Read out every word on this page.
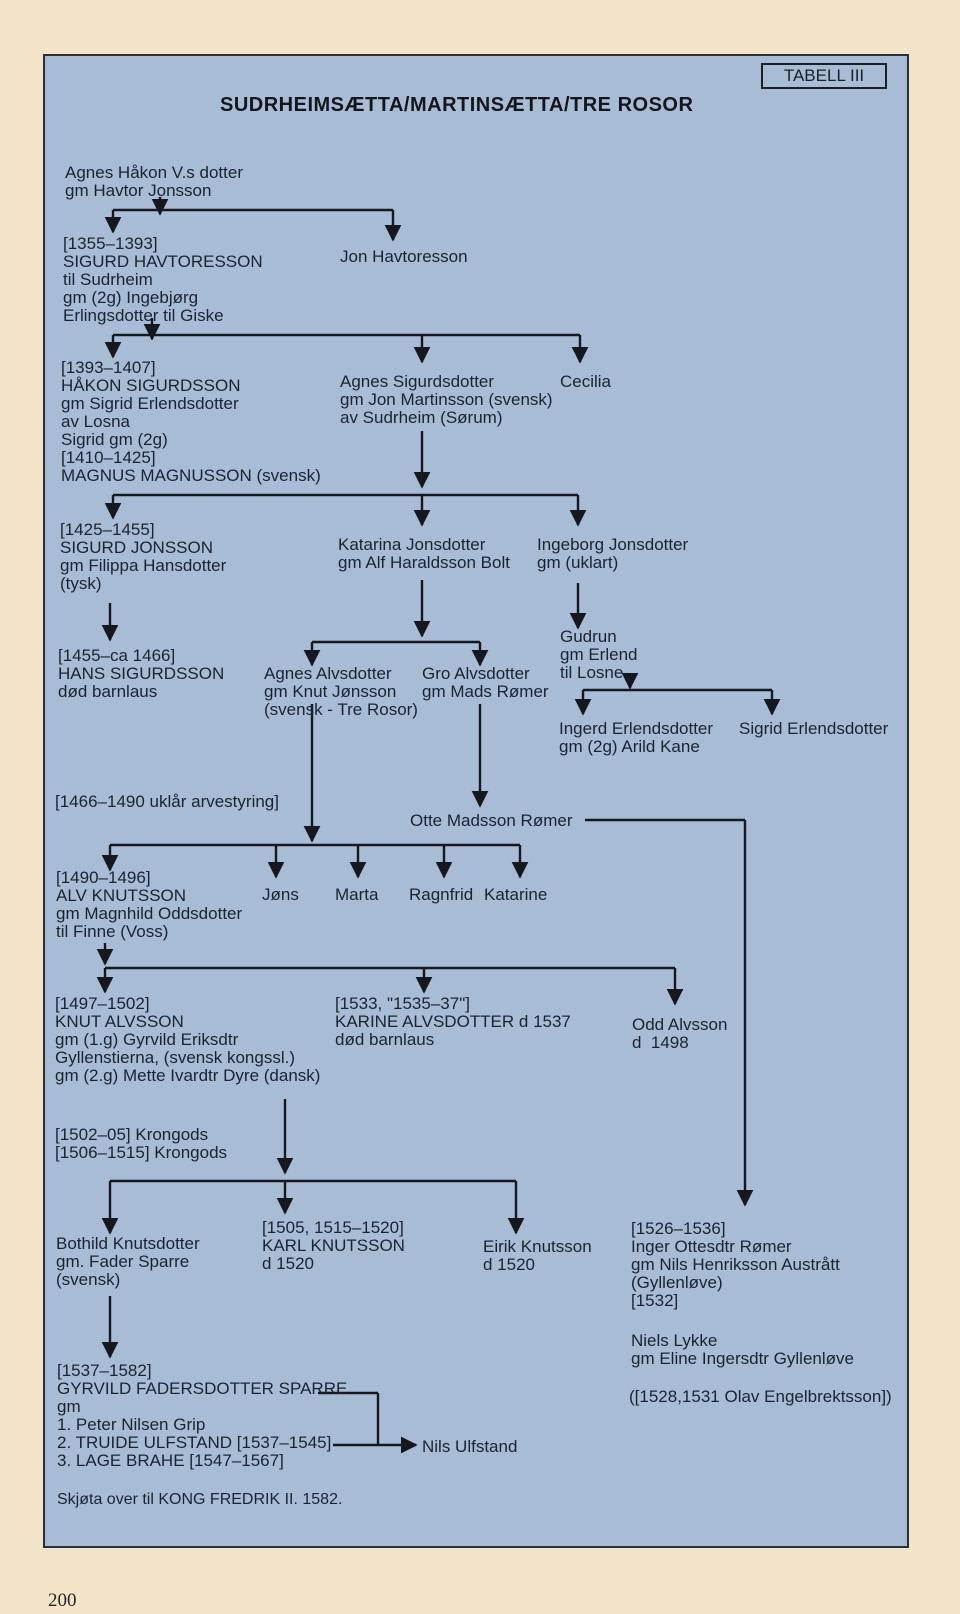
TABELL III
SUDRHEIMSÆTTA/MARTINSÆTTA/TRE ROSOR
Agnes Håkon V.s dotter
gm Havtor Jonsson
[1355–1393]
SIGURD HAVTORESSON
til Sudrheim
gm (2g) Ingebjørg
Erlingsdotter til Giske
Jon Havtoresson
[1393–1407]
HÅKON SIGURDSSON
gm Sigrid Erlendsdotter
av Losna
Sigrid gm (2g)
[1410–1425]
MAGNUS MAGNUSSON (svensk)
Agnes Sigurdsdotter
gm Jon Martinsson (svensk)
av Sudrheim (Sørum)
Cecilia
[1425–1455]
SIGURD JONSSON
gm Filippa Hansdotter
(tysk)
Katarina Jonsdotter
gm Alf Haraldsson Bolt
Ingeborg Jonsdotter
gm (uklart)
[1455–ca 1466]
HANS SIGURDSSON
død barnlaus
Agnes Alvsdotter
gm Knut Jønsson
(svensk - Tre Rosor)
Gro Alvsdotter
gm Mads Rømer
Gudrun
gm Erlend
til Losne
Ingerd Erlendsdotter
gm (2g) Arild Kane
Sigrid Erlendsdotter
[1466–1490 uklår arvestyring]
Otte Madsson Rømer
[1490–1496]
ALV KNUTSSON
gm Magnhild Oddsdotter
til Finne (Voss)
Jøns Marta Ragnfrid Katarine
[1497–1502]
KNUT ALVSSON
gm (1.g) Gyrvild Eriksdtr
Gyllenstierna, (svensk kongssl.)
gm (2.g) Mette Ivardtr Dyre (dansk)
[1533, "1535–37"]
KARINE ALVSDOTTER d 1537
død barnlaus
Odd Alvsson
d  1498
[1502–05] Krongods
[1506–1515] Krongods
Bothild Knutsdotter
gm. Fader Sparre
(svensk)
[1505, 1515–1520]
KARL KNUTSSON
d 1520
Eirik Knutsson
d 1520
[1526–1536]
Inger Ottesdtr Rømer
gm Nils Henriksson Austrått
(Gyllenløve)
[1532]
Niels Lykke
gm Eline Ingersdtr Gyllenløve
([1528,1531 Olav Engelbrektsson])
[1537–1582]
GYRVILD FADERSDOTTER SPARRE
gm
1. Peter Nilsen Grip
2. TRUIDE ULFSTAND [1537–1545]
3. LAGE BRAHE [1547–1567]
Nils Ulfstand
Skjøta over til KONG FREDRIK II. 1582.
200
